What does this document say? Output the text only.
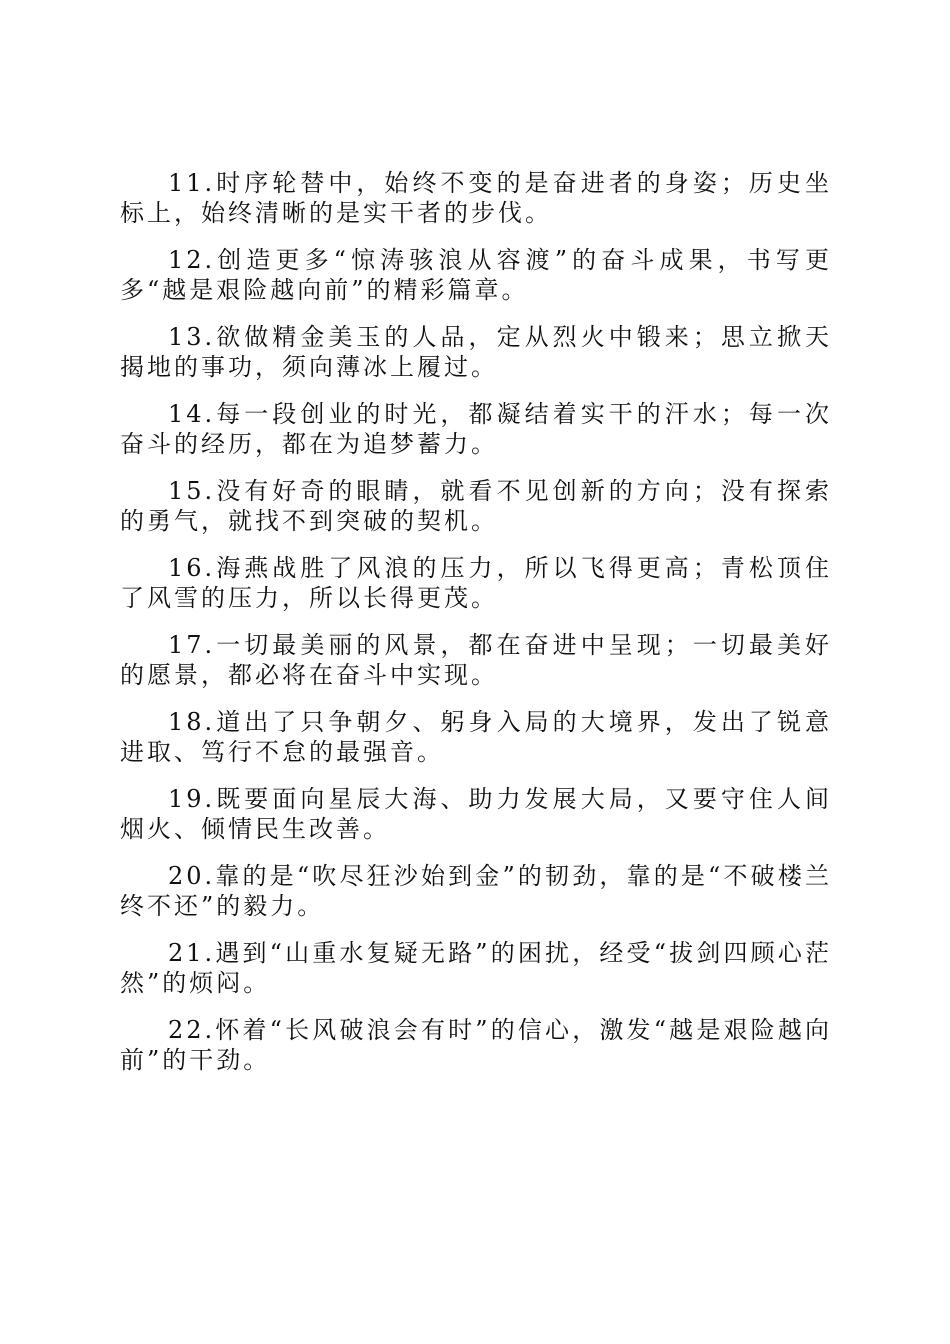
11.时序轮替中，始终不变的是奋进者的身姿；历史坐标上，始终清晰的是实干者的步伐。

12.创造更多“惊涛骇浪从容渡”的奋斗成果，书写更多“越是艰险越向前”的精彩篇章。

13.欲做精金美玉的人品，定从烈火中锻来；思立掀天揭地的事功，须向薄冰上履过。

14.每一段创业的时光，都凝结着实干的汗水；每一次奋斗的经历，都在为追梦蓄力。

15.没有好奇的眼睛，就看不见创新的方向；没有探索的勇气，就找不到突破的契机。

16.海燕战胜了风浪的压力，所以飞得更高；青松顶住了风雪的压力，所以长得更茂。

17.一切最美丽的风景，都在奋进中呈现；一切最美好的愿景，都必将在奋斗中实现。

18.道出了只争朝夕、躬身入局的大境界，发出了锐意进取、笃行不怠的最强音。

19.既要面向星辰大海、助力发展大局，又要守住人间烟火、倾情民生改善。

20.靠的是“吹尽狂沙始到金”的韧劲，靠的是“不破楼兰终不还”的毅力。

21.遇到“山重水复疑无路”的困扰，经受“拔剑四顾心茫然”的烦闷。

22.怀着“长风破浪会有时”的信心，激发“越是艰险越向前”的干劲。
